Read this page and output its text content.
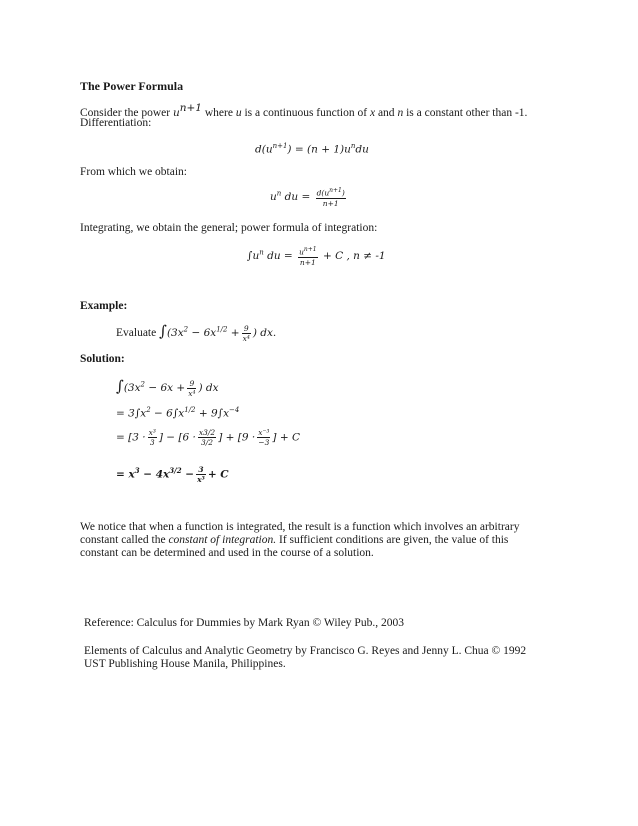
The Power Formula
Consider the power $u^{n+1}$ where u is a continuous function of x and n is a constant other than -1.
Differentiation:
$d(u^{n+1}) = (n + 1)u^ndu$
From which we obtain:
$u^n$ du = $\frac{d(u^{n+1})}{n+1}$
Integrating, we obtain the general; power formula of integration:
$\int u^n$ du = $\frac{u^{n+1}}{n+1} + C$ , n ≠ -1
Example:
Evaluate $\int(3x^2 - 6x^{1/2} + \frac{9}{\text{x⁴}}$ ) dx.
Solution:
$\int(3x^2 - 6x + \frac{9}{\text{x⁴}}$ ) dx
= $3\int x^2 - 6\int x^{1/2} + 9\int x^{-4}$
= [$3 \cdot \frac{\text{x³}}{3}$ ] − [$6 \cdot \frac{x3/2}{3/2}$ ] + [$9 \cdot \frac{\text{x⁻³}}{-3}$ ] + C
= $x^3 - 4x^{3/2} - \frac{3}{\text{x³}} + C$
We notice that when a function is integrated, the result is a function which involves an arbitrary constant called the constant of integration. If sufficient conditions are given, the value of this constant can be determined and used in the course of a solution.
Reference: Calculus for Dummies by Mark Ryan © Wiley Pub., 2003
Elements of Calculus and Analytic Geometry by Francisco G. Reyes and Jenny L. Chua © 1992 UST Publishing House Manila, Philippines.
